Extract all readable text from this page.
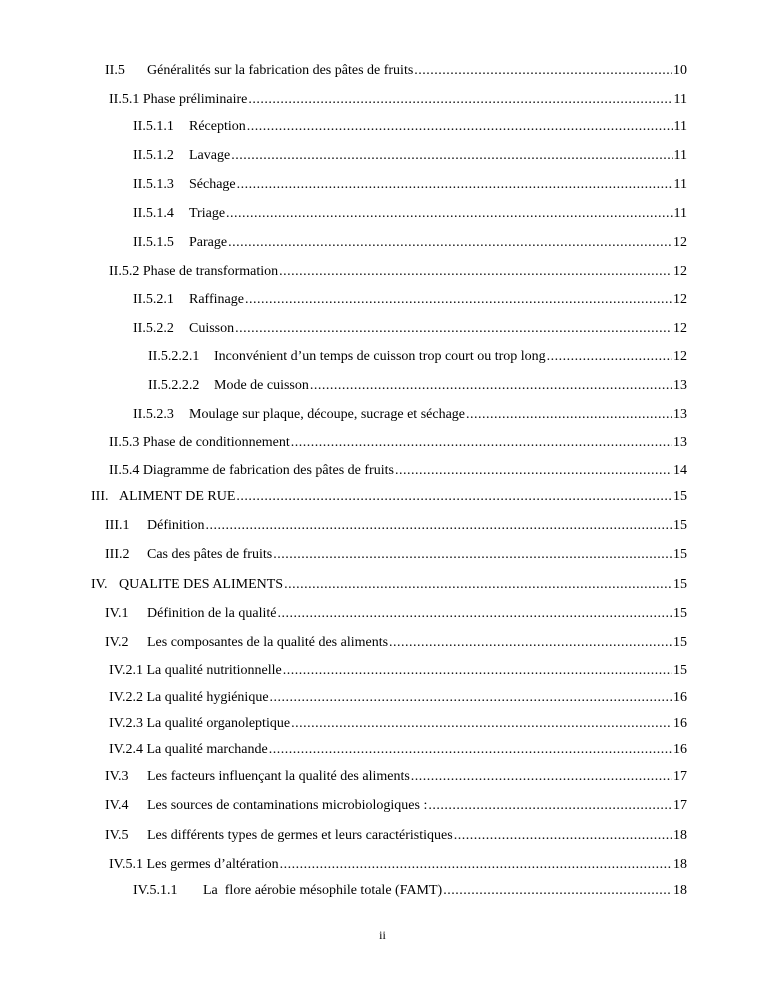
II.5	Généralités sur la fabrication des pâtes de fruits .....	10
II.5.1 Phase préliminaire .....	11
II.5.1.1	Réception .....	11
II.5.1.2	Lavage .....	11
II.5.1.3	Séchage .....	11
II.5.1.4	Triage .....	11
II.5.1.5	Parage .....	12
II.5.2 Phase de transformation .....	12
II.5.2.1	Raffinage .....	12
II.5.2.2	Cuisson .....	12
II.5.2.2.1	Inconvénient d’un temps de cuisson trop court ou trop long .....	12
II.5.2.2.2	Mode de cuisson .....	13
II.5.2.3	Moulage sur plaque, découpe, sucrage et séchage .....	13
II.5.3 Phase de conditionnement .....	13
II.5.4 Diagramme de fabrication des pâtes de fruits .....	14
III. ALIMENT DE RUE .....	15
III.1	Définition .....	15
III.2	Cas des pâtes de fruits .....	15
IV. QUALITE DES ALIMENTS .....	15
IV.1	Définition de la qualité .....	15
IV.2	Les composantes de la qualité des aliments .....	15
IV.2.1 La qualité nutritionnelle .....	15
IV.2.2 La qualité hygiénique .....	16
IV.2.3 La qualité organoleptique .....	16
IV.2.4 La qualité marchande .....	16
IV.3	Les facteurs influençant la qualité des aliments .....	17
IV.4	Les sources de contaminations microbiologiques : .....	17
IV.5	Les différents types de germes et leurs caractéristiques .....	18
IV.5.1 Les germes d’altération .....	18
IV.5.1.1	La  flore aérobie mésophile totale (FAMT) .....	18
ii
